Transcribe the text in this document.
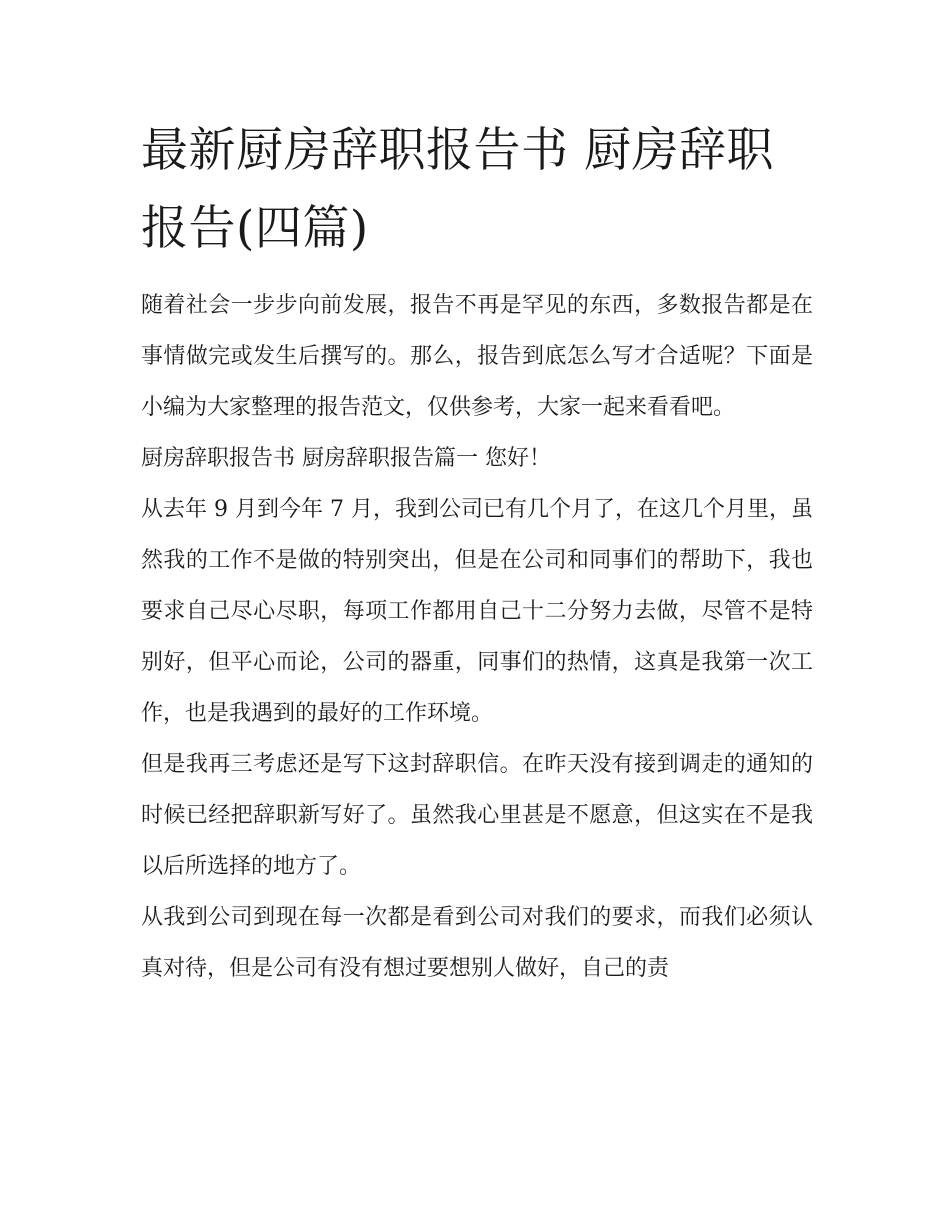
最新厨房辞职报告书 厨房辞职报告(四篇)

随着社会一步步向前发展，报告不再是罕见的东西，多数报告都是在事情做完或发生后撰写的。那么，报告到底怎么写才合适呢？下面是小编为大家整理的报告范文，仅供参考，大家一起来看看吧。

厨房辞职报告书 厨房辞职报告篇一 您好！

从去年 9 月到今年 7 月，我到公司已有几个月了，在这几个月里，虽然我的工作不是做的特别突出，但是在公司和同事们的帮助下，我也要求自己尽心尽职，每项工作都用自己十二分努力去做，尽管不是特别好，但平心而论，公司的器重，同事们的热情，这真是我第一次工作，也是我遇到的最好的工作环境。

但是我再三考虑还是写下这封辞职信。在昨天没有接到调走的通知的时候已经把辞职新写好了。虽然我心里甚是不愿意，但这实在不是我以后所选择的地方了。

从我到公司到现在每一次都是看到公司对我们的要求，而我们必须认真对待，但是公司有没有想过要想别人做好，自己的责
